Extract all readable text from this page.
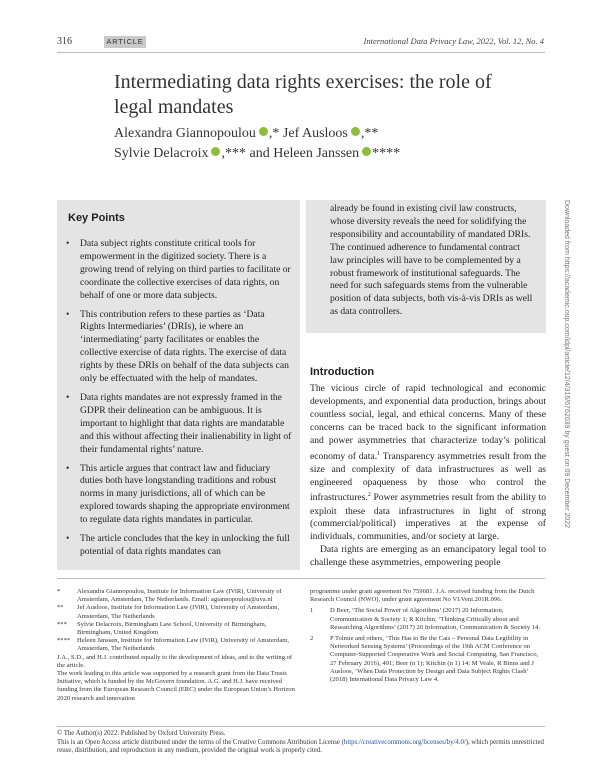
316	ARTICLE	International Data Privacy Law, 2022, Vol. 12, No. 4
Intermediating data rights exercises: the role of legal mandates
Alexandra Giannopoulou ,* Jef Ausloos ,**
Sylvie Delacroix ,*** and Heleen Janssen ****
Key Points
• Data subject rights constitute critical tools for empowerment in the digitized society. There is a growing trend of relying on third parties to facilitate or coordinate the collective exercises of data rights, on behalf of one or more data subjects.
• This contribution refers to these parties as ‘Data Rights Intermediaries’ (DRIs), ie where an ‘intermediating’ party facilitates or enables the collective exercise of data rights. The exercise of data rights by these DRIs on behalf of the data subjects can only be effectuated with the help of mandates.
• Data rights mandates are not expressly framed in the GDPR their delineation can be ambiguous. It is important to highlight that data rights are mandatable and this without affecting their inalienability in light of their fundamental rights’ nature.
• This article argues that contract law and fiduciary duties both have longstanding traditions and robust norms in many jurisdictions, all of which can be explored towards shaping the appropriate environment to regulate data rights mandates in particular.
• The article concludes that the key in unlocking the full potential of data rights mandates can
already be found in existing civil law constructs, whose diversity reveals the need for solidifying the responsibility and accountability of mandated DRIs. The continued adherence to fundamental contract law principles will have to be complemented by a robust framework of institutional safeguards. The need for such safeguards stems from the vulnerable position of data subjects, both vis-à-vis DRIs as well as data controllers.
Introduction

The vicious circle of rapid technological and economic developments, and exponential data production, brings about countless social, legal, and ethical concerns. Many of these concerns can be traced back to the significant information and power asymmetries that characterize today’s political economy of data.$^1$ Transparency asymmetries result from the size and complexity of data infrastructures as well as engineered opaqueness by those who control the infrastructures.$^2$ Power asymmetries result from the ability to exploit these data infrastructures in light of strong (commercial/political) imperatives at the expense of individuals, communities, and/or society at large.

Data rights are emerging as an emancipatory legal tool to challenge these asymmetries, empowering people

*	Alexandra Giannopoulou, Institute for Information Law (IViR), University of Amsterdam, Amsterdam, The Netherlands. Email: agiannopoulou@uva.nl
** Jef Ausloos, Institute for Information Law (IViR), University of Amsterdam, Amsterdam, The Netherlands
*** Sylvie Delacroix, Birmingham Law School, University of Birmingham, Birmingham, United Kingdom
**** Heleen Janssen, Institute for Information Law (IViR), University of Amsterdam, Amsterdam, The Netherlands
J.A., S.D., and H.J. contributed equally to the development of ideas, and to the writing of the article.
The work leading to this article was supported by a research grant from the Data Trusts Initiative, which is funded by the McGovern foundation. A.G. and H.J. have received funding from the European Research Council (ERC) under the European Union’s Horizon 2020 research and innovation
programme under grant agreement No 759681. J.A. received funding from the Dutch Research Council (NWO), under grant agreement No VI.Veni.201R.096.
1	D Beer, ‘The Social Power of Algorithms’ (2017) 20 Information, Communication & Society 1; R Kitchin, ‘Thinking Critically about and Researching Algorithms’ (2017) 20 Information, Communication & Society 14.
2	P Tolmie and others, ‘This Has to Be the Cats – Personal Data Legibility in Networked Sensing Systems’ (Proceedings of the 19th ACM Conference on Computer-Supported Cooperative Work and Social Computing, San Francisco, 27 February 2016), 491; Beer (n 1); Kitchin (n 1) 14; M Veale, R Binns and J Ausloos, ‘When Data Protection by Design and Data Subject Rights Clash’ (2018) International Data Privacy Law 4.
© The Author(s) 2022. Published by Oxford University Press.
This is an Open Access article distributed under the terms of the Creative Commons Attribution License (https://creativecommons.org/licenses/by/4.0/), which permits unrestricted reuse, distribution, and reproduction in any medium, provided the original work is properly cited.
Downloaded from https://academic.oup.com/idpl/article/12/4/316/6762039 by guest on 09 December 2022
